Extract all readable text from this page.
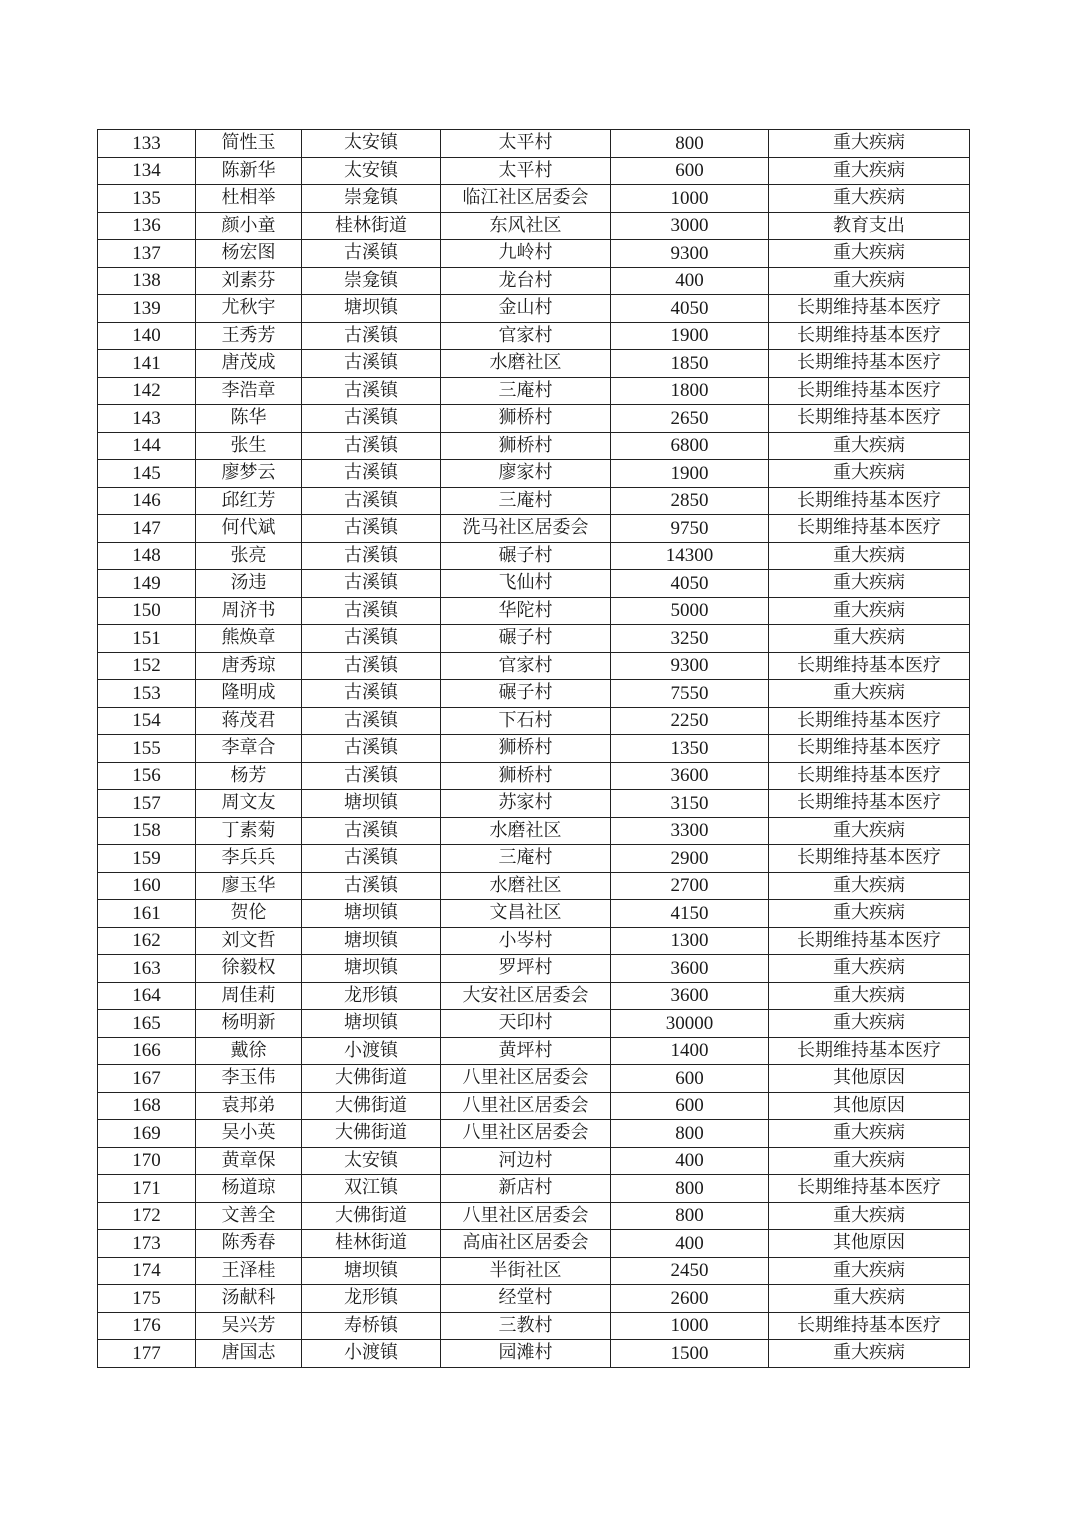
133	简性玉	太安镇	太平村	800	重大疾病
134	陈新华	太安镇	太平村	600	重大疾病
135	杜相举	崇龛镇	临江社区居委会	1000	重大疾病
136	颜小童	桂林街道	东风社区	3000	教育支出
137	杨宏图	古溪镇	九岭村	9300	重大疾病
138	刘素芬	崇龛镇	龙台村	400	重大疾病
139	尤秋宇	塘坝镇	金山村	4050	长期维持基本医疗
140	王秀芳	古溪镇	官家村	1900	长期维持基本医疗
141	唐茂成	古溪镇	水磨社区	1850	长期维持基本医疗
142	李浩章	古溪镇	三庵村	1800	长期维持基本医疗
143	陈华	古溪镇	狮桥村	2650	长期维持基本医疗
144	张生	古溪镇	狮桥村	6800	重大疾病
145	廖梦云	古溪镇	廖家村	1900	重大疾病
146	邱红芳	古溪镇	三庵村	2850	长期维持基本医疗
147	何代斌	古溪镇	洗马社区居委会	9750	长期维持基本医疗
148	张亮	古溪镇	碾子村	14300	重大疾病
149	汤违	古溪镇	飞仙村	4050	重大疾病
150	周济书	古溪镇	华陀村	5000	重大疾病
151	熊焕章	古溪镇	碾子村	3250	重大疾病
152	唐秀琼	古溪镇	官家村	9300	长期维持基本医疗
153	隆明成	古溪镇	碾子村	7550	重大疾病
154	蒋茂君	古溪镇	下石村	2250	长期维持基本医疗
155	李章合	古溪镇	狮桥村	1350	长期维持基本医疗
156	杨芳	古溪镇	狮桥村	3600	长期维持基本医疗
157	周文友	塘坝镇	苏家村	3150	长期维持基本医疗
158	丁素菊	古溪镇	水磨社区	3300	重大疾病
159	李兵兵	古溪镇	三庵村	2900	长期维持基本医疗
160	廖玉华	古溪镇	水磨社区	2700	重大疾病
161	贺伦	塘坝镇	文昌社区	4150	重大疾病
162	刘文哲	塘坝镇	小岑村	1300	长期维持基本医疗
163	徐毅权	塘坝镇	罗坪村	3600	重大疾病
164	周佳莉	龙形镇	大安社区居委会	3600	重大疾病
165	杨明新	塘坝镇	天印村	30000	重大疾病
166	戴徐	小渡镇	黄坪村	1400	长期维持基本医疗
167	李玉伟	大佛街道	八里社区居委会	600	其他原因
168	袁邦弟	大佛街道	八里社区居委会	600	其他原因
169	吴小英	大佛街道	八里社区居委会	800	重大疾病
170	黄章保	太安镇	河边村	400	重大疾病
171	杨道琼	双江镇	新店村	800	长期维持基本医疗
172	文善全	大佛街道	八里社区居委会	800	重大疾病
173	陈秀春	桂林街道	高庙社区居委会	400	其他原因
174	王泽桂	塘坝镇	半街社区	2450	重大疾病
175	汤献科	龙形镇	经堂村	2600	重大疾病
176	吴兴芳	寿桥镇	三教村	1000	长期维持基本医疗
177	唐国志	小渡镇	园滩村	1500	重大疾病
